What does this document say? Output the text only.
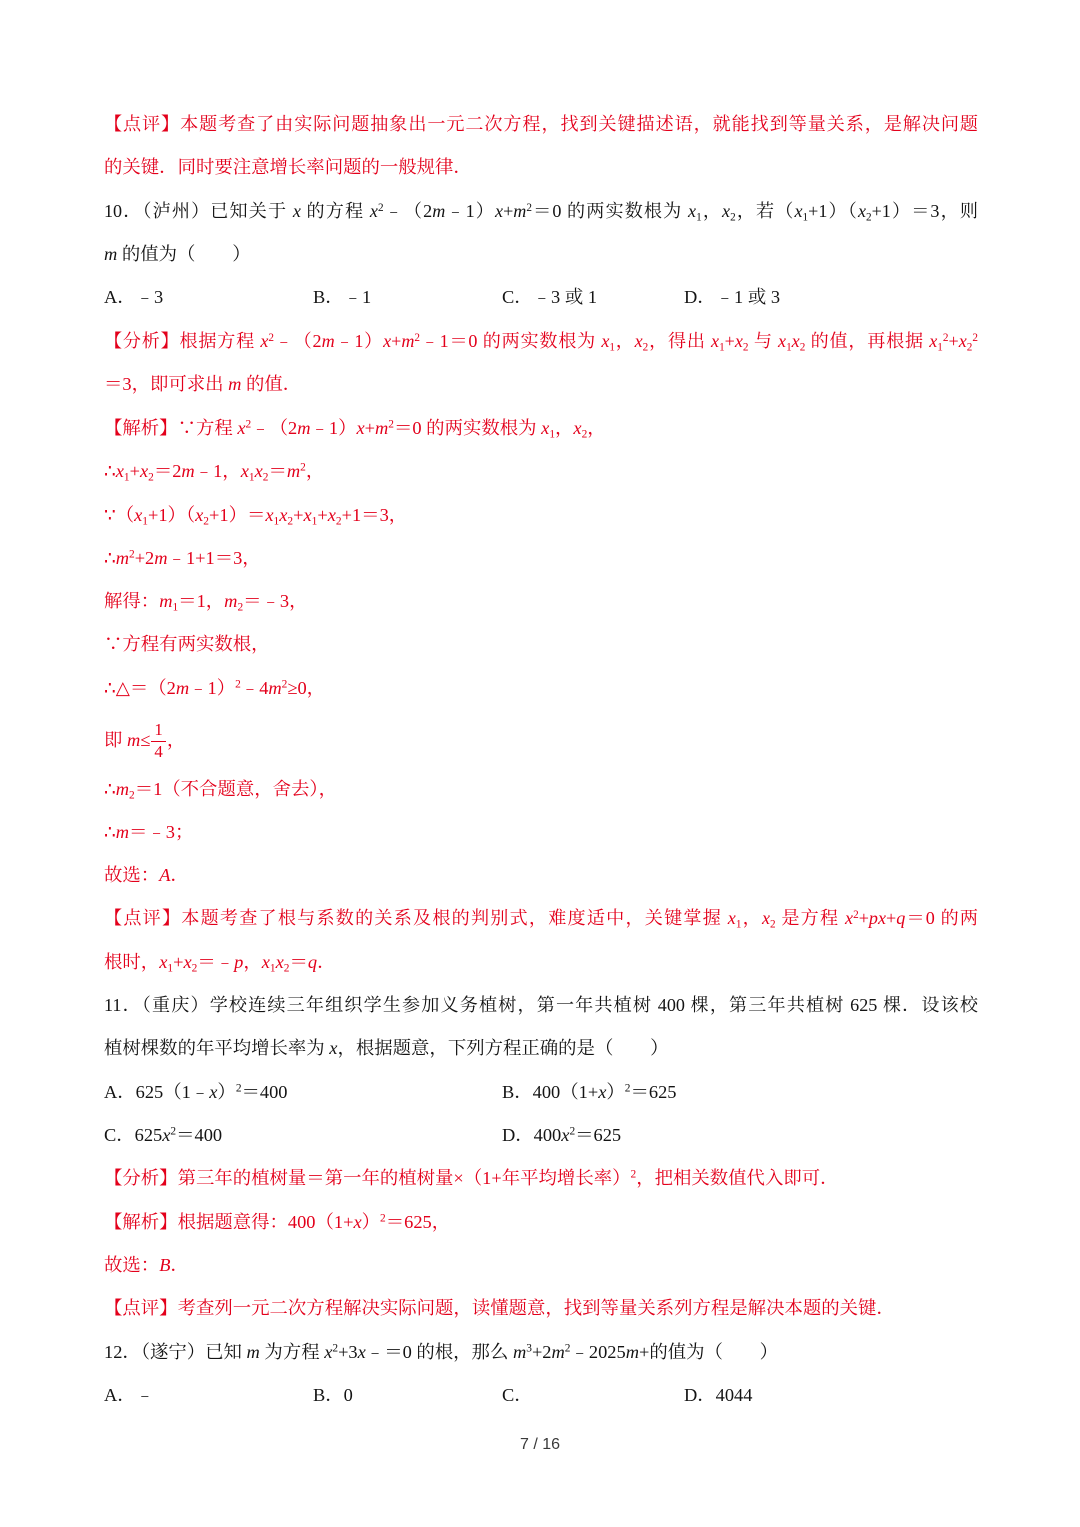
【点评】本题考查了由实际问题抽象出一元二次方程，找到关键描述语，就能找到等量关系，是解决问题
的关键．同时要注意增长率问题的一般规律．
10．（泸州）已知关于 x 的方程 $x^2﹣(2m﹣1)x+m^2=0$ 的两实数根为 x1，x2，若（x1+1）（x2+1）＝3，则
m 的值为（　　）
A．﹣3	B．﹣1	C．﹣3 或 1	D．﹣1 或 3
【分析】根据方程 $x^2﹣(2m﹣1)x+m^2﹣1=0$ 的两实数根为 x1，x2，得出 x1+x2 与 x1x2 的值，再根据 $x1^2+x2^2$
＝3，即可求出 m 的值．
【解析】∵方程 $x^2﹣(2m﹣1)x+m^2=0$ 的两实数根为 x1，x2，
∴x1+x2＝2m﹣1，$x1x2=m^2$，
∵（x1+1）（x2+1）＝x1x2+x1+x2+1＝3，
$\therefore m^2+2m﹣1+1=3$，
解得：m1＝1，m2＝﹣3，
∵方程有两实数根，
$\therefore\triangle=(2m﹣1)^2﹣4m^2\ge 0$，
即 $m\le \frac{1}{4}$ ，
∴m2＝1（不合题意，舍去），
∴m＝﹣3；
故选：A．
【点评】本题考查了根与系数的关系及根的判别式，难度适中，关键掌握 x1，x2 是方程 $x^2+px+q=0$ 的两
根时，x1+x2＝﹣p，x1x2＝q．
11．（重庆）学校连续三年组织学生参加义务植树，第一年共植树 400 棵，第三年共植树 625 棵．设该校
植树棵数的年平均增长率为 x，根据题意，下列方程正确的是（　　）
A．625（1﹣x）$^2$＝400	B．$400(1+x)^2=625$
C．$625x^2=400$	D．$400x^2=625$
【分析】第三年的植树量＝第一年的植树量×（1+年平均增长率）$^2$，把相关数值代入即可．
【解析】根据题意得：$400(1+x)^2=625$，
故选：B．
【点评】考查列一元二次方程解决实际问题，读懂题意，找到等量关系列方程是解决本题的关键．
12．（遂宁）已知 m 为方程 $x^2+3x﹣=0$ 的根，那么 $m^3+2m^2﹣2025m+$的值为（　　）
A．﹣	B．0	C．	D．4044
7 / 16
